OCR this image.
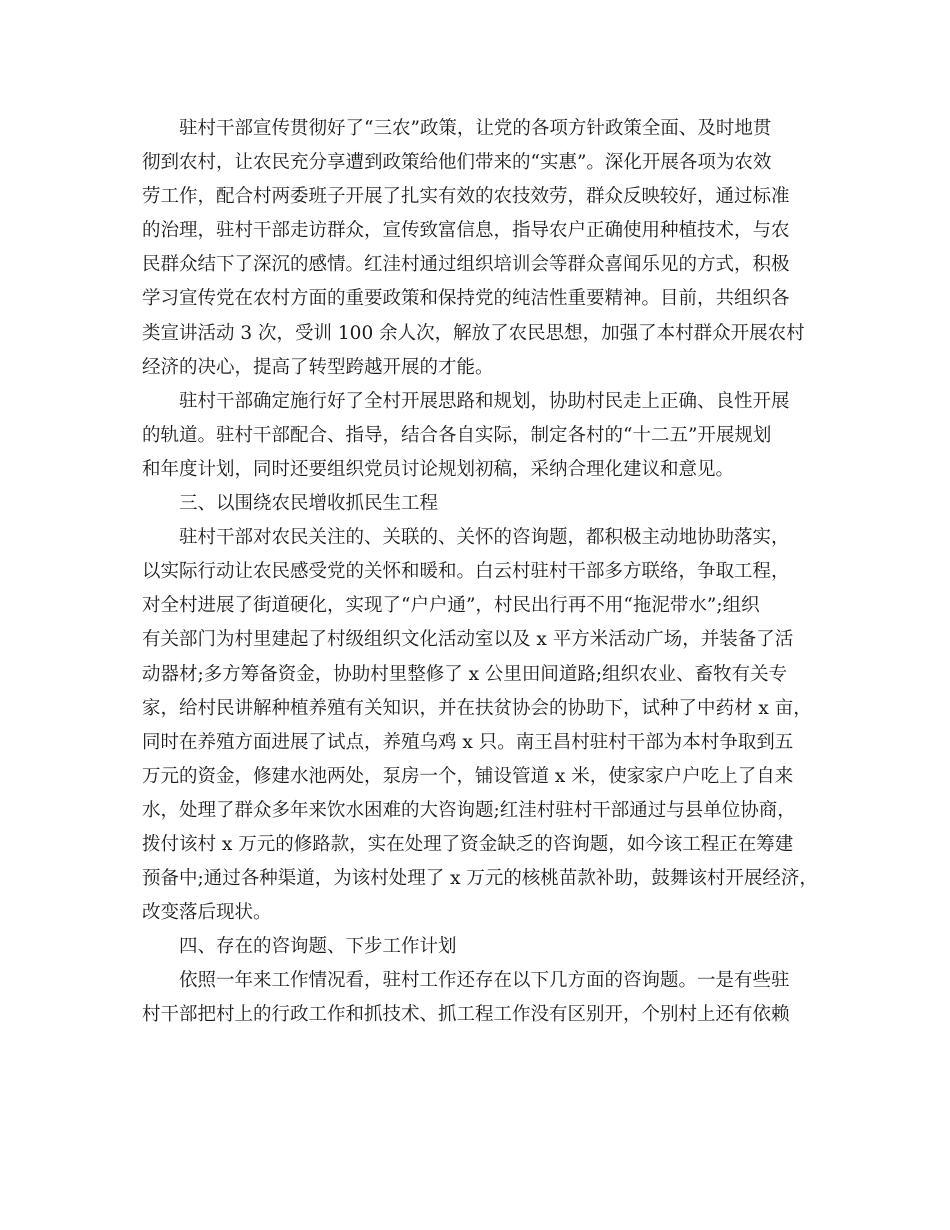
驻村干部宣传贯彻好了“三农”政策，让党的各项方针政策全面、及时地贯
彻到农村，让农民充分享遭到政策给他们带来的“实惠”。深化开展各项为农效
劳工作，配合村两委班子开展了扎实有效的农技效劳，群众反映较好，通过标准
的治理，驻村干部走访群众，宣传致富信息，指导农户正确使用种植技术，与农
民群众结下了深沉的感情。红洼村通过组织培训会等群众喜闻乐见的方式，积极
学习宣传党在农村方面的重要政策和保持党的纯洁性重要精神。目前，共组织各
类宣讲活动 3 次，受训 100 余人次，解放了农民思想，加强了本村群众开展农村
经济的决心，提高了转型跨越开展的才能。

驻村干部确定施行好了全村开展思路和规划，协助村民走上正确、良性开展
的轨道。驻村干部配合、指导，结合各自实际，制定各村的“十二五”开展规划
和年度计划，同时还要组织党员讨论规划初稿，采纳合理化建议和意见。

三、以围绕农民增收抓民生工程

驻村干部对农民关注的、关联的、关怀的咨询题，都积极主动地协助落实，
以实际行动让农民感受党的关怀和暖和。白云村驻村干部多方联络，争取工程，
对全村进展了街道硬化，实现了“户户通”，村民出行再不用“拖泥带水”;组织
有关部门为村里建起了村级组织文化活动室以及 x 平方米活动广场，并装备了活
动器材;多方筹备资金，协助村里整修了 x 公里田间道路;组织农业、畜牧有关专
家，给村民讲解种植养殖有关知识，并在扶贫协会的协助下，试种了中药材 x 亩，
同时在养殖方面进展了试点，养殖乌鸡 x 只。南王昌村驻村干部为本村争取到五
万元的资金，修建水池两处，泵房一个，铺设管道 x 米，使家家户户吃上了自来
水，处理了群众多年来饮水困难的大咨询题;红洼村驻村干部通过与县单位协商，
拨付该村 x 万元的修路款，实在处理了资金缺乏的咨询题，如今该工程正在筹建
预备中;通过各种渠道，为该村处理了 x 万元的核桃苗款补助，鼓舞该村开展经济，
改变落后现状。

四、存在的咨询题、下步工作计划

依照一年来工作情况看，驻村工作还存在以下几方面的咨询题。一是有些驻
村干部把村上的行政工作和抓技术、抓工程工作没有区别开，个别村上还有依赖
